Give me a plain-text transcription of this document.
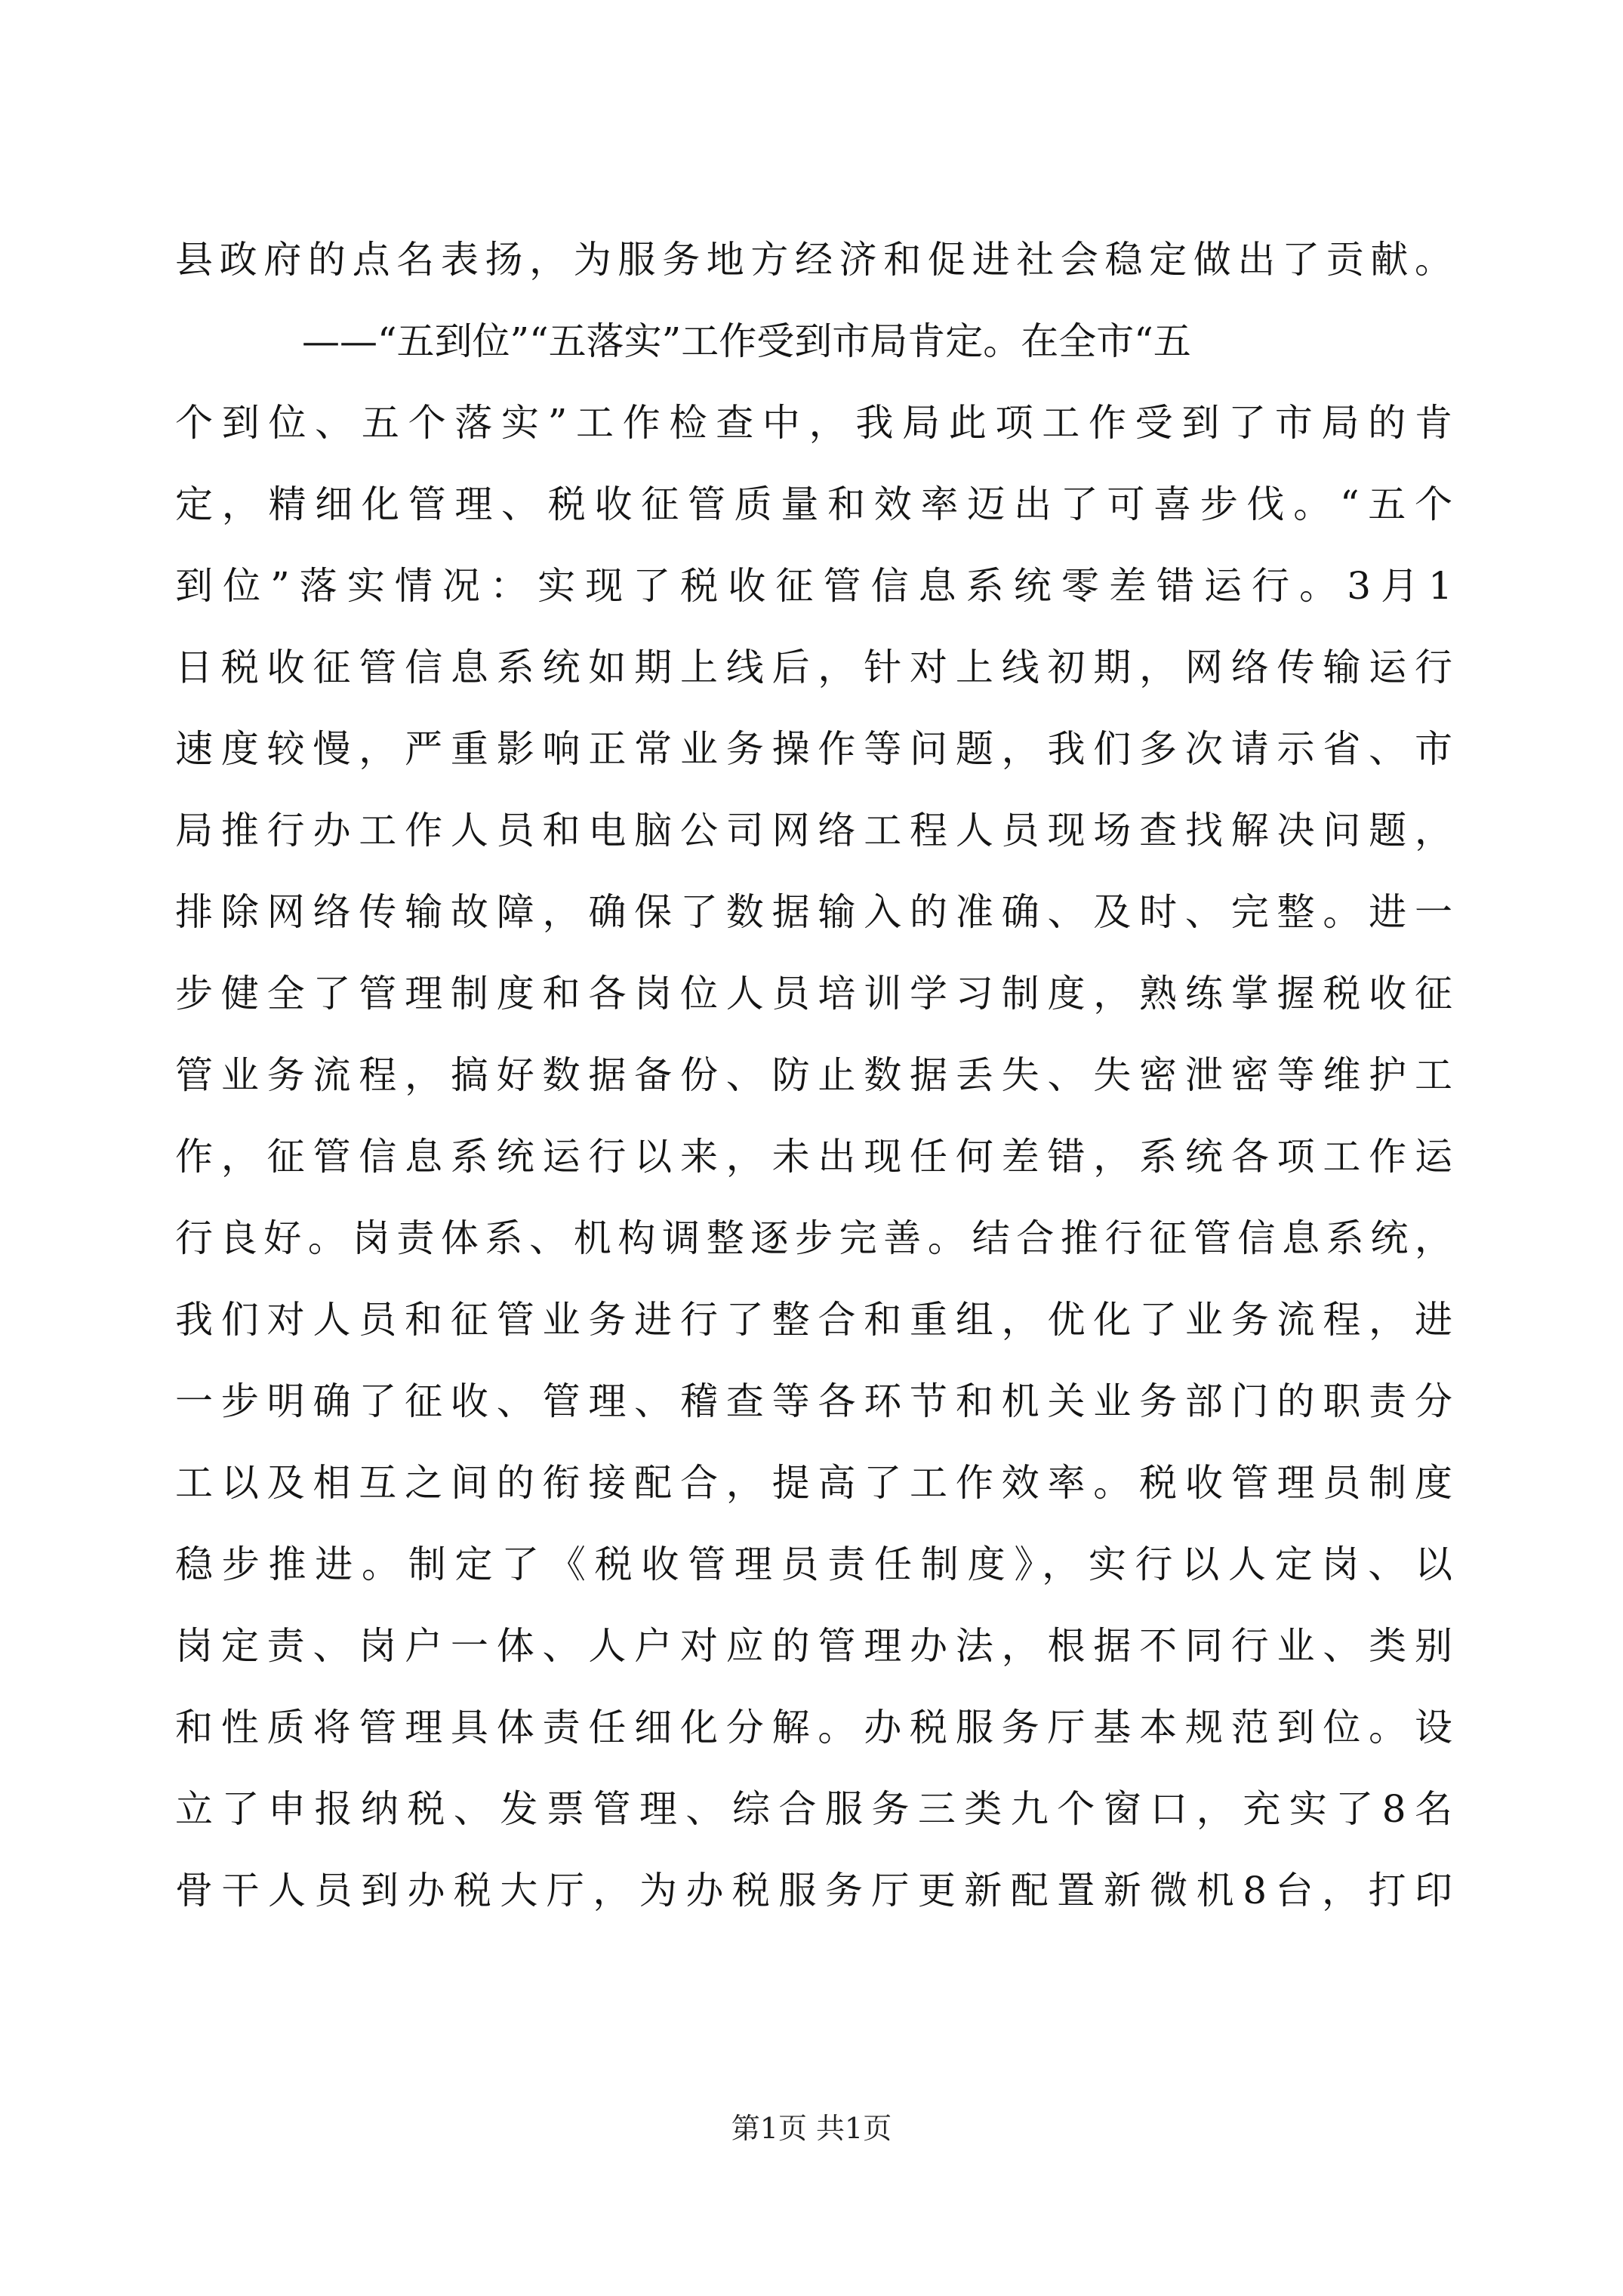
县政府的点名表扬，为服务地方经济和促进社会稳定做出了贡献。
——“五到位”“五落实”工作受到市局肯定。在全市“五
个到位、五个落实”工作检查中，我局此项工作受到了市局的肯
定，精细化管理、税收征管质量和效率迈出了可喜步伐。“五个
到位”落实情况：实现了税收征管信息系统零差错运行。3月1
日税收征管信息系统如期上线后，针对上线初期，网络传输运行
速度较慢，严重影响正常业务操作等问题，我们多次请示省、市
局推行办工作人员和电脑公司网络工程人员现场查找解决问题，
排除网络传输故障，确保了数据输入的准确、及时、完整。进一
步健全了管理制度和各岗位人员培训学习制度，熟练掌握税收征
管业务流程，搞好数据备份、防止数据丢失、失密泄密等维护工
作，征管信息系统运行以来，未出现任何差错，系统各项工作运
行良好。岗责体系、机构调整逐步完善。结合推行征管信息系统，
我们对人员和征管业务进行了整合和重组，优化了业务流程，进
一步明确了征收、管理、稽查等各环节和机关业务部门的职责分
工以及相互之间的衔接配合，提高了工作效率。税收管理员制度
稳步推进。制定了《税收管理员责任制度》，实行以人定岗、以
岗定责、岗户一体、人户对应的管理办法，根据不同行业、类别
和性质将管理具体责任细化分解。办税服务厅基本规范到位。设
立了申报纳税、发票管理、综合服务三类九个窗口，充实了8名
骨干人员到办税大厅，为办税服务厅更新配置新微机8台，打印
第1页 共1页
